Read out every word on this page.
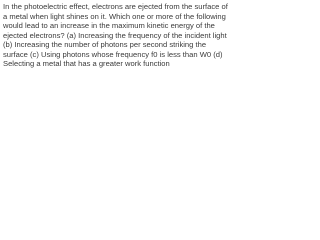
In the photoelectric effect, electrons are ejected from the surface of a metal when light shines on it. Which one or more of the following would lead to an increase in the maximum kinetic energy of the ejected electrons? (a) Increasing the frequency of the incident light (b) Increasing the number of photons per second striking the surface (c) Using photons whose frequency f0 is less than W0 (d) Selecting a metal that has a greater work function
